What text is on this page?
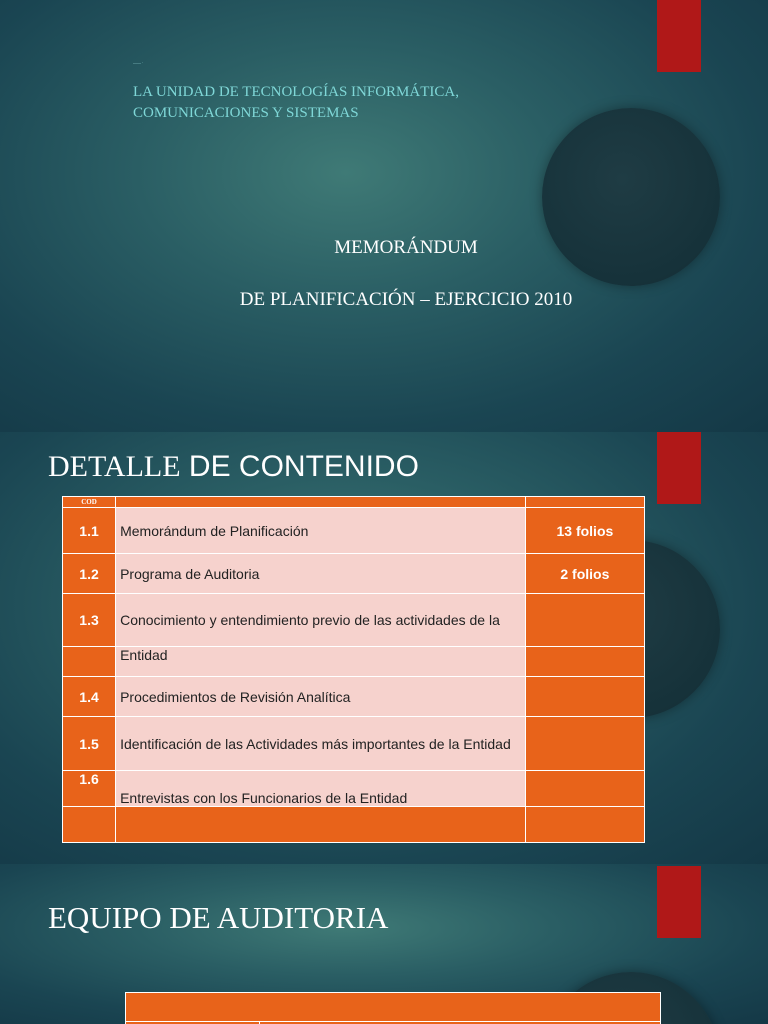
—— ·
LA UNIDAD DE TECNOLOGÍAS INFORMÁTICA,
COMUNICACIONES Y SISTEMAS
MEMORÁNDUM
DE PLANIFICACIÓN – EJERCICIO 2010
DETALLE DE CONTENIDO
COD		
1.1	Memorándum de Planificación	13 folios
1.2	Programa de Auditoria	2 folios
1.3	Conocimiento y entendimiento previo de las actividades de la	
	Entidad	
1.4	Procedimientos de Revisión Analítica	
1.5	Identificación de las Actividades más importantes de la Entidad	
1.6	Entrevistas con los Funcionarios de la Entidad	

EQUIPO DE AUDITORIA
